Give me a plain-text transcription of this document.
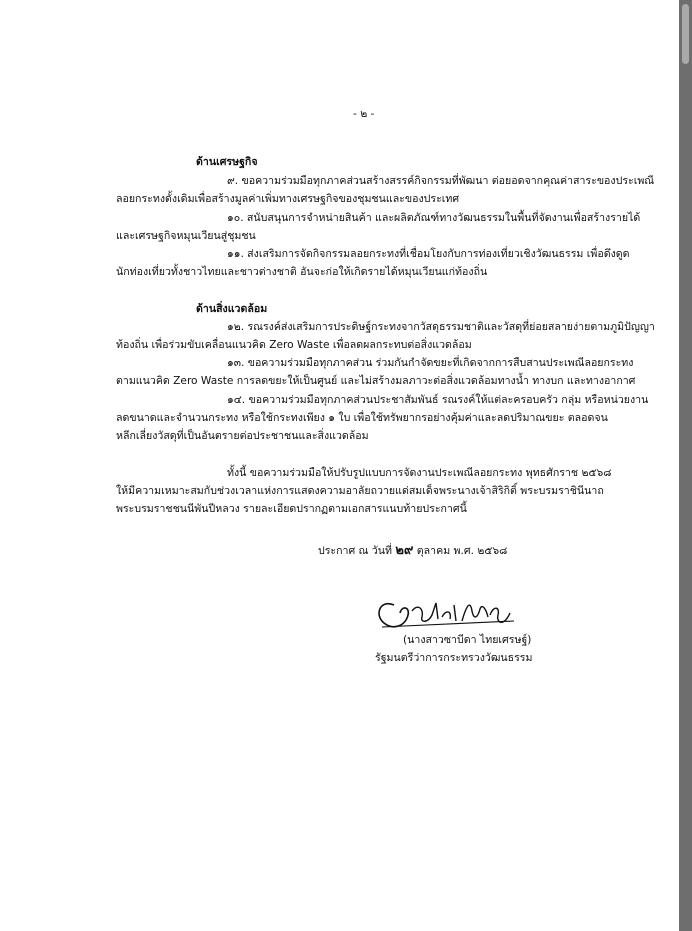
- ๒ -
ด้านเศรษฐกิจ
๙. ขอความร่วมมือทุกภาคส่วนสร้างสรรค์กิจกรรมที่พัฒนา ต่อยอดจากคุณค่าสาระของประเพณี
ลอยกระทงดั้งเดิมเพื่อสร้างมูลค่าเพิ่มทางเศรษฐกิจของชุมชนและของประเทศ
๑๐. สนับสนุนการจำหน่ายสินค้า และผลิตภัณฑ์ทางวัฒนธรรมในพื้นที่จัดงานเพื่อสร้างรายได้
และเศรษฐกิจหมุนเวียนสู่ชุมชน
๑๑. ส่งเสริมการจัดกิจกรรมลอยกระทงที่เชื่อมโยงกับการท่องเที่ยวเชิงวัฒนธรรม เพื่อดึงดูด
นักท่องเที่ยวทั้งชาวไทยและชาวต่างชาติ อันจะก่อให้เกิดรายได้หมุนเวียนแก่ท้องถิ่น
ด้านสิ่งแวดล้อม
๑๒. รณรงค์ส่งเสริมการประดิษฐ์กระทงจากวัสดุธรรมชาติและวัสดุที่ย่อยสลายง่ายตามภูมิปัญญา
ท้องถิ่น เพื่อร่วมขับเคลื่อนแนวคิด Zero Waste เพื่อลดผลกระทบต่อสิ่งแวดล้อม
๑๓. ขอความร่วมมือทุกภาคส่วน ร่วมกันกำจัดขยะที่เกิดจากการสืบสานประเพณีลอยกระทง
ตามแนวคิด Zero Waste การลดขยะให้เป็นศูนย์ และไม่สร้างมลภาวะต่อสิ่งแวดล้อมทางน้ำ ทางบก และทางอากาศ
๑๔. ขอความร่วมมือทุกภาคส่วนประชาสัมพันธ์ รณรงค์ให้แต่ละครอบครัว กลุ่ม หรือหน่วยงาน
ลดขนาดและจำนวนกระทง หรือใช้กระทงเพียง ๑ ใบ เพื่อใช้ทรัพยากรอย่างคุ้มค่าและลดปริมาณขยะ ตลอดจน
หลีกเลี่ยงวัสดุที่เป็นอันตรายต่อประชาชนและสิ่งแวดล้อม
ทั้งนี้ ขอความร่วมมือให้ปรับรูปแบบการจัดงานประเพณีลอยกระทง พุทธศักราช ๒๕๖๘
ให้มีความเหมาะสมกับช่วงเวลาแห่งการแสดงความอาลัยถวายแด่สมเด็จพระนางเจ้าสิริกิติ์ พระบรมราชินีนาถ
พระบรมราชชนนีพันปีหลวง รายละเอียดปรากฏตามเอกสารแนบท้ายประกาศนี้
ประกาศ ณ วันที่ ๒๙ ตุลาคม พ.ศ. ๒๕๖๘
(นางสาวซาบีดา ไทยเศรษฐ์)
รัฐมนตรีว่าการกระทรวงวัฒนธรรม
